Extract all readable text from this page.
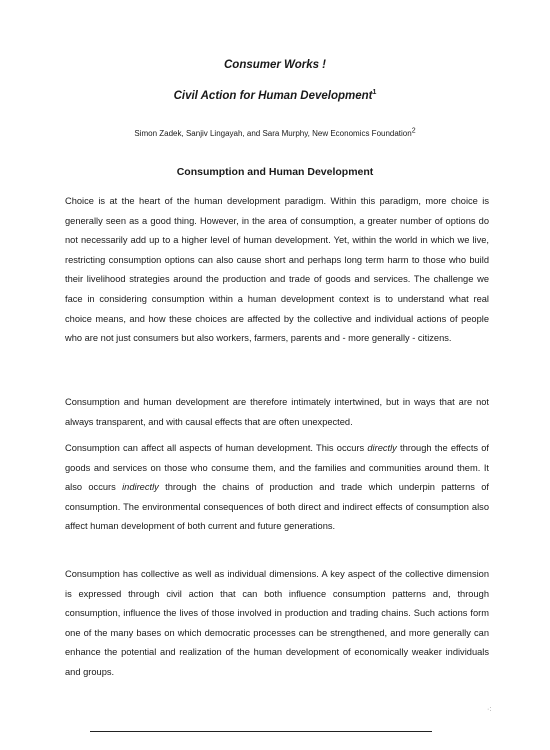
Consumer Works !
Civil Action for Human Development$^1$
Simon Zadek, Sanjiv Lingayah, and Sara Murphy, New Economics Foundation$^2$
Consumption and Human Development

Choice is at the heart of the human development paradigm. Within this paradigm, more choice is generally seen as a good thing. However, in the area of consumption, a greater number of options do not necessarily add up to a higher level of human development. Yet, within the world in which we live, restricting consumption options can also cause short and perhaps long term harm to those who build their livelihood strategies around the production and trade of goods and services. The challenge we face in considering consumption within a human development context is to understand what real choice means, and how these choices are affected by the collective and individual actions of people who are not just consumers but also workers, farmers, parents and - more generally - citizens.

Consumption and human development are therefore intimately intertwined, but in ways that are not always transparent, and with causal effects that are often unexpected.

Consumption can affect all aspects of human development. This occurs directly through the effects of goods and services on those who consume them, and the families and communities around them. It also occurs indirectly through the chains of production and trade which underpin patterns of consumption. The environmental consequences of both direct and indirect effects of consumption also affect human development of both current and future generations.

Consumption has collective as well as individual dimensions. A key aspect of the collective dimension is expressed through civil action that can both influence consumption patterns and, through consumption, influence the lives of those involved in production and trading chains. Such actions form one of the many bases on which democratic processes can be strengthened, and more generally can enhance the potential and realization of the human development of economically weaker individuals and groups.

·:
